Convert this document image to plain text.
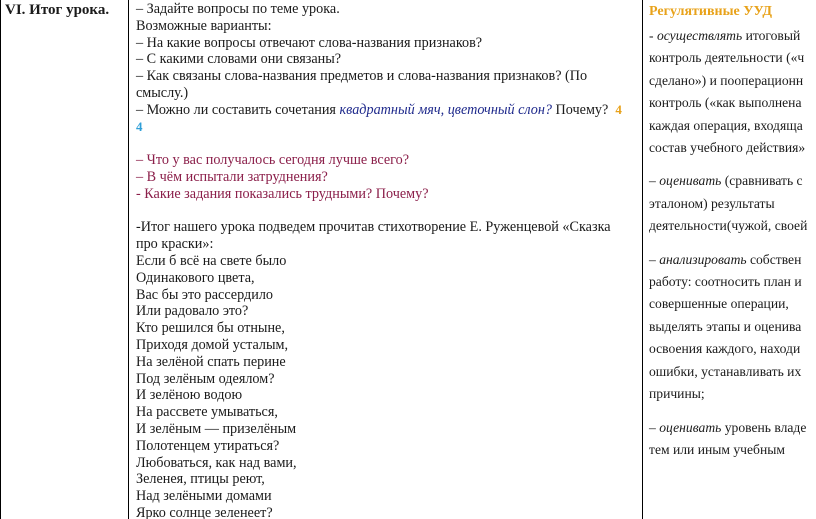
VI. Итог урока.	– Задайте вопросы по теме урока.
Возможные варианты:
– На какие вопросы отвечают слова-названия признаков?
– С какими словами они связаны?
– Как связаны слова-названия предметов и слова-названия признаков? (По смыслу.)
– Можно ли составить сочетания квадратный мяч, цветочный слон? Почему? 4
4
– Что у вас получалось сегодня лучше всего?
– В чём испытали затруднения?
- Какие задания показались трудными? Почему?
-Итог нашего урока подведем прочитав стихотворение Е. Руженцевой «Сказка про краски»:
Если б всё на свете было
Одинакового цвета,
Вас бы это рассердило
Или радовало это?
Кто решился бы отныне,
Приходя домой усталым,
На зелёной спать перине
Под зелёным одеялом?
И зелёною водою
На рассвете умываться,
И зелёным — призелёным
Полотенцем утираться?
Любоваться, как над вами,
Зеленея, птицы реют,
Над зелёными домами
Ярко солнце зеленеет?
Регулятивные УУД
- осуществлять итоговый
контроль деятельности («ч
сделано») и пооперационн
контроль («как выполнена
каждая операция, входяща
состав учебного действия»
– оценивать (сравнивать с
эталоном) результаты
деятельности(чужой, своей
– анализировать собствен
работу: соотносить план и
совершенные операции,
выделять этапы и оценива
освоения каждого, находи
ошибки, устанавливать их
причины;
– оценивать уровень владе
тем или иным учебным
